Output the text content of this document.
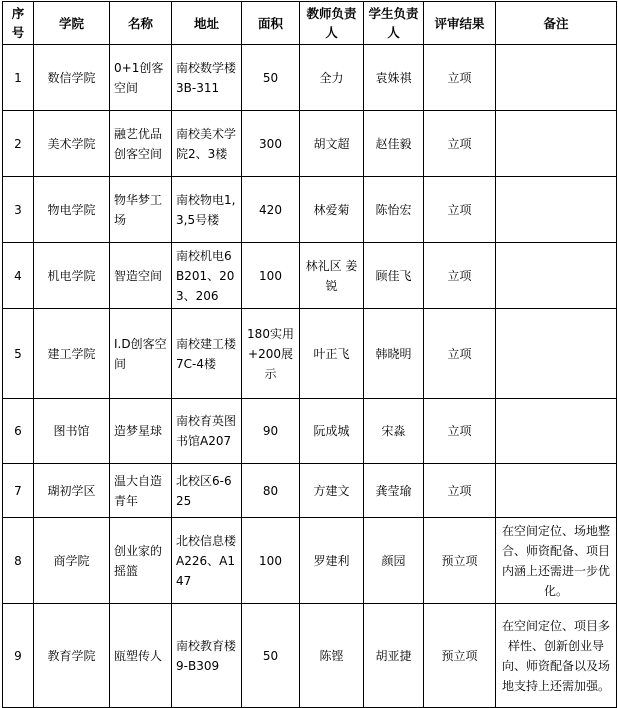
序号	学院	名称	地址	面积	教师负责人	学生负责人	评审结果	备注
1	数信学院	0+1创客空间	南校数学楼3B-311	50	全力	袁姝祺	立项	
2	美术学院	融艺优品创客空间	南校美术学院2、3楼	300	胡文超	赵佳毅	立项	
3	物电学院	物华梦工场	南校物电1,3,5号楼	420	林爱菊	陈怡宏	立项	
4	机电学院	智造空间	南校机电6B201、203、206	100	林礼区 姜锐	顾佳飞	立项	
5	建工学院	I.D创客空间	南校建工楼7C-4楼	180实用+200展示	叶正飞	韩晓明	立项	
6	图书馆	造梦星球	南校育英图书馆A207	90	阮成城	宋淼	立项	
7	瑚初学区	温大自造青年	北校区6-625	80	方建文	龚莹瑜	立项	
8	商学院	创业家的摇篮	北校信息楼A226、A147	100	罗建利	颜园	预立项	在空间定位、场地整合、师资配备、项目内涵上还需进一步优化。
9	教育学院	瓯塑传人	南校教育楼9-B309	50	陈铿	胡亚捷	预立项	在空间定位、项目多样性、创新创业导向、师资配备以及场地支持上还需加强。
